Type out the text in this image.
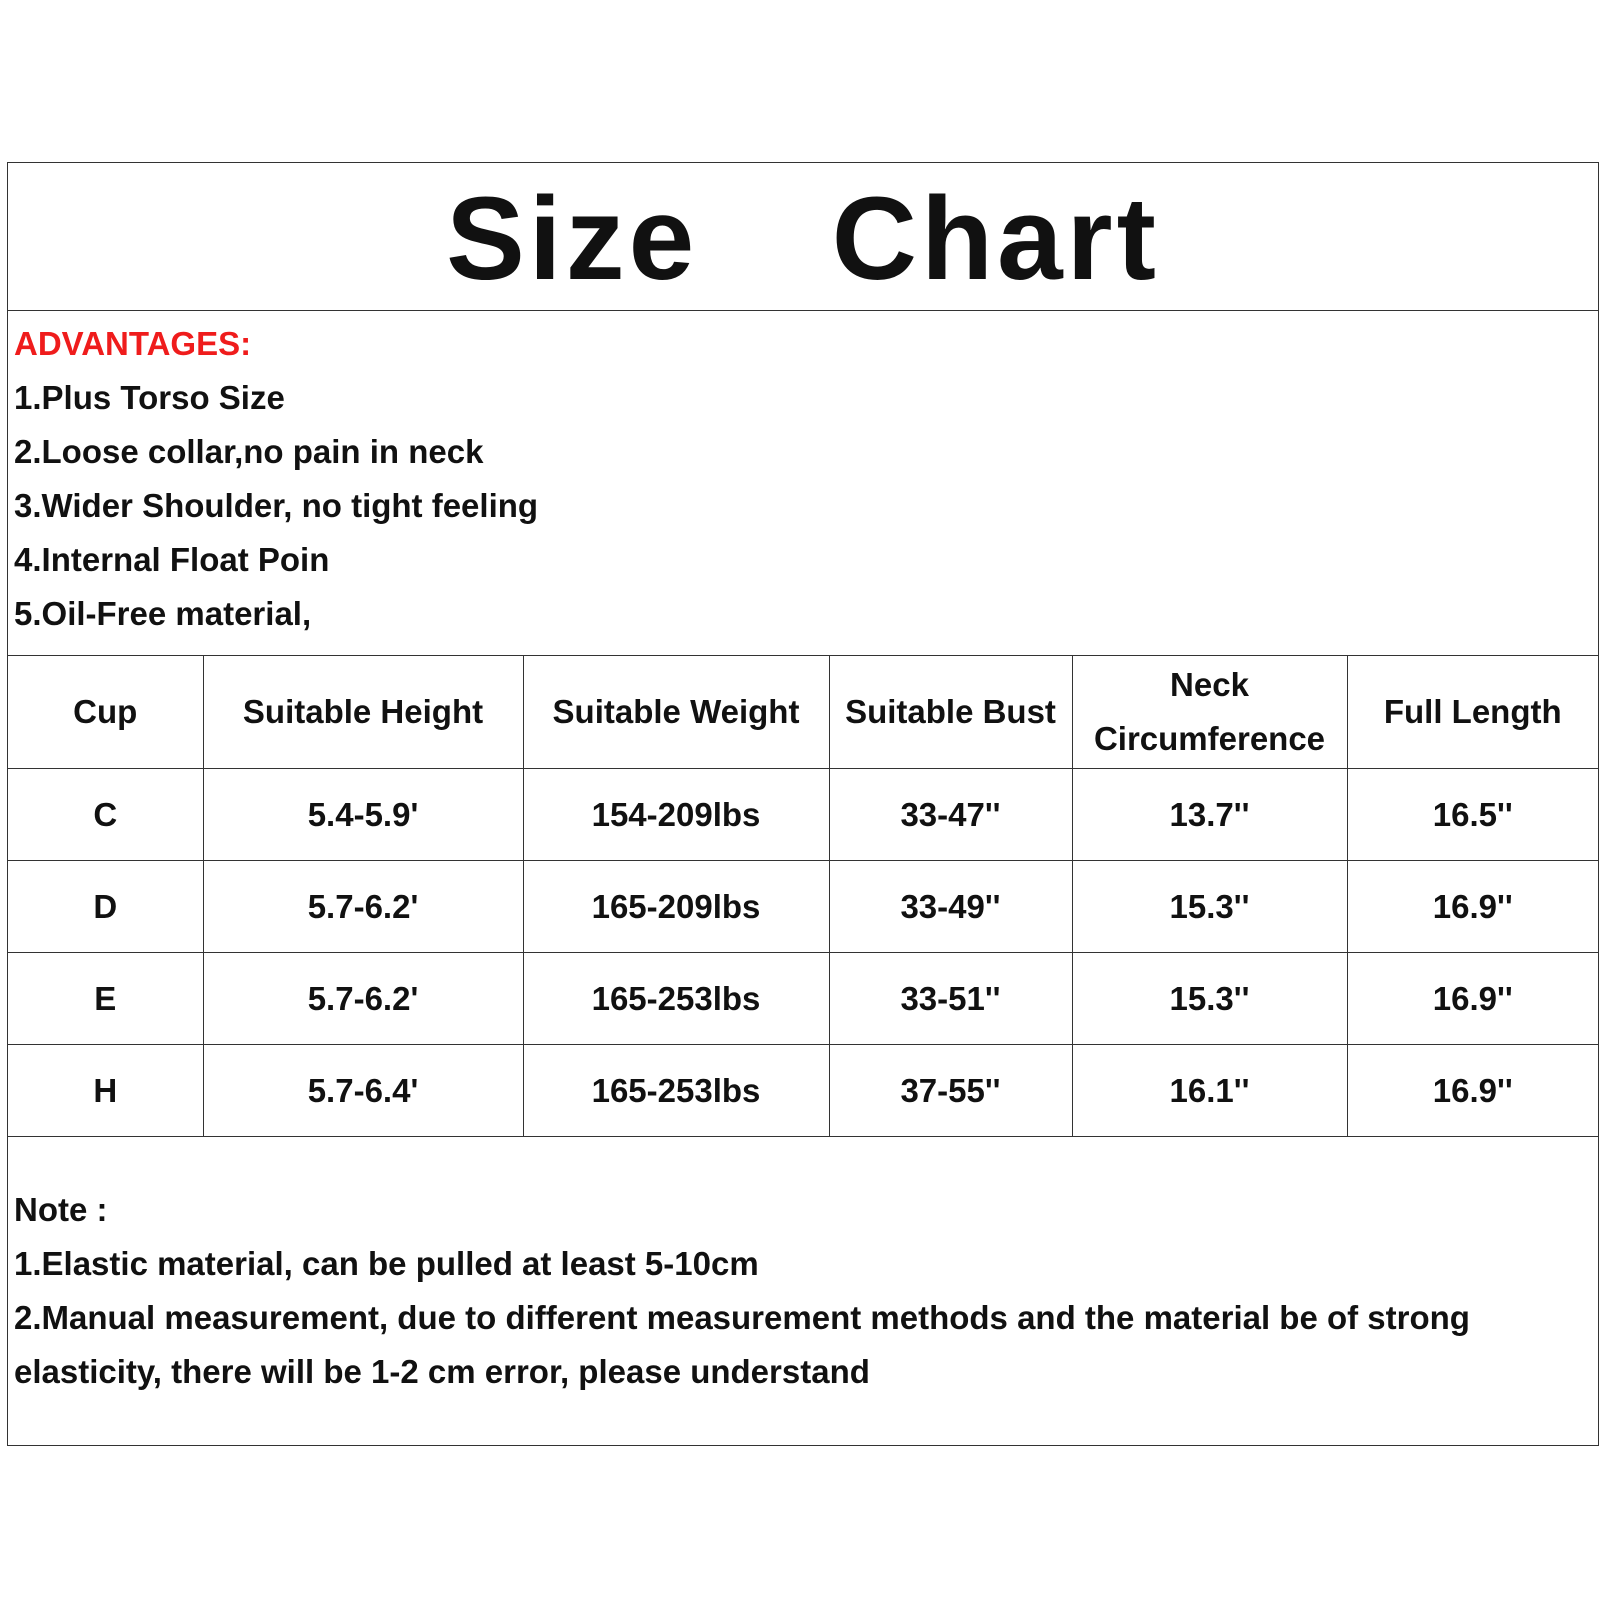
Size  Chart
ADVANTAGES:
1.Plus Torso Size
2.Loose collar,no pain in neck
3.Wider Shoulder, no tight feeling
4.Internal Float Poin
5.Oil-Free material,
Cup	Suitable Height	Suitable Weight	Suitable Bust	Neck Circumference	Full Length
C	5.4-5.9'	154-209lbs	33-47''	13.7''	16.5''
D	5.7-6.2'	165-209lbs	33-49''	15.3''	16.9''
E	5.7-6.2'	165-253lbs	33-51''	15.3''	16.9''
H	5.7-6.4'	165-253lbs	37-55''	16.1''	16.9''
Note :
1.Elastic material, can be pulled at least 5-10cm
2.Manual measurement, due to different measurement methods and the material be of strong elasticity, there will be 1-2 cm error, please understand
